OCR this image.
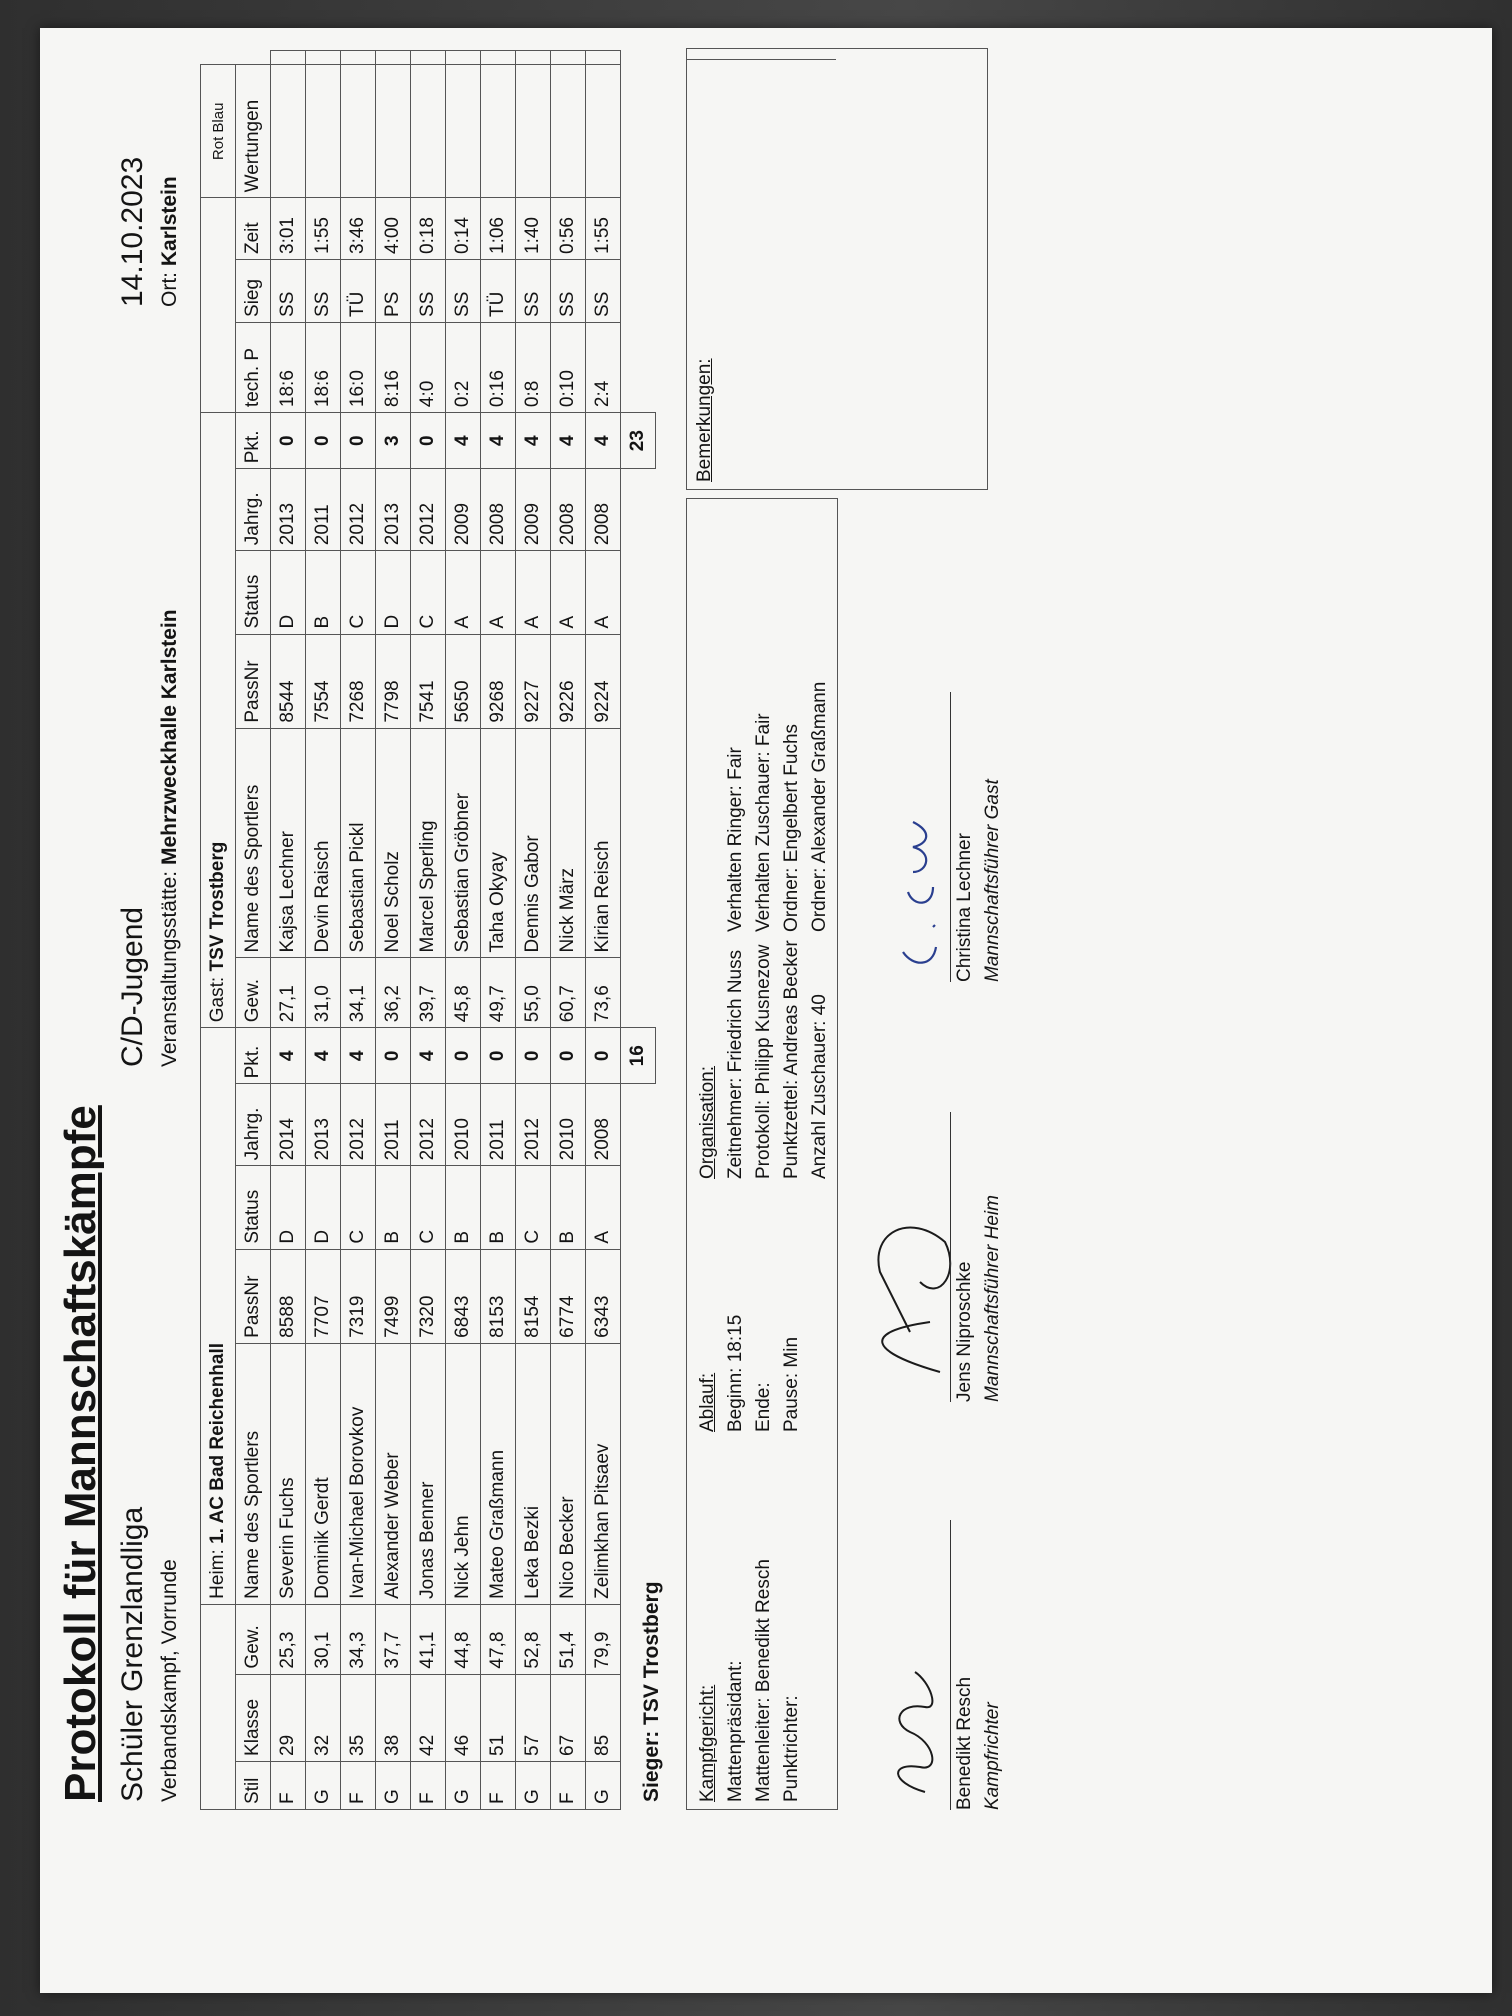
Protokoll für Mannschaftskämpfe Schüler Grenzlandliga
C/D-Jugend
14.10.2023
Verbandskampf, Vorrunde
Veranstaltungsstätte: Mehrzweckhalle Karlstein
Ort: Karlstein
			Heim: 1. AC Bad Reichenhall					Gast: TSV Trostberg									Rot Blau	
Stil	Klasse	Gew.	Name des Sportlers	PassNr	Status	Jahrg.	Pkt.	Gew.	Name des Sportlers	PassNr	Status	Jahrg.	Pkt.	tech. P	Sieg	Zeit	Wertungen	
F	29	25,3	Severin Fuchs	8588	D	2014	4	27,1	Kajsa Lechner	8544	D	2013	0	18:6	SS	3:01		
G	32	30,1	Dominik Gerdt	7707	D	2013	4	31,0	Devin Raisch	7554	B	2011	0	18:6	SS	1:55		
F	35	34,3	Ivan-Michael Borovkov	7319	C	2012	4	34,1	Sebastian Pickl	7268	C	2012	0	16:0	TÜ	3:46		
G	38	37,7	Alexander Weber	7499	B	2011	0	36,2	Noel Scholz	7798	D	2013	3	8:16	PS	4:00		
F	42	41,1	Jonas Benner	7320	C	2012	4	39,7	Marcel Sperling	7541	C	2012	0	4:0	SS	0:18		
G	46	44,8	Nick Jehn	6843	B	2010	0	45,8	Sebastian Gröbner	5650	A	2009	4	0:2	SS	0:14		
F	51	47,8	Mateo Graßmann	8153	B	2011	0	49,7	Taha Okyay	9268	A	2008	4	0:16	TÜ	1:06		
G	57	52,8	Leka Bezki	8154	C	2012	0	55,0	Dennis Gabor	9227	A	2009	4	0:8	SS	1:40		
F	67	51,4	Nico Becker	6774	B	2010	0	60,7	Nick März	9226	A	2008	4	0:10	SS	0:56		
G	85	79,9	Zelimkhan Pitsaev	6343	A	2008	0	73,6	Kirian Reisch	9224	A	2008	4	2:4	SS	1:55		
							16						23					
Sieger: TSV Trostberg Kampfgericht: Mattenpräsidant: Mattenleiter: Benedikt Resch Punktrichter:
Ablauf: Beginn: 18:15 Ende: Pause: Min
Organisation: Zeitnehmer: Friedrich Nuss Protokoll: Philipp Kusnezow Punktzettel: Andreas Becker Anzahl Zuschauer: 40
Verhalten Ringer: Fair Verhalten Zuschauer: Fair Ordner: Engelbert Fuchs Ordner: Alexander Graßmann
Bemerkungen:
Benedikt Resch Kampfrichter
Jens Niproschke Mannschaftsführer Heim
Christina Lechner Mannschaftsführer Gast
